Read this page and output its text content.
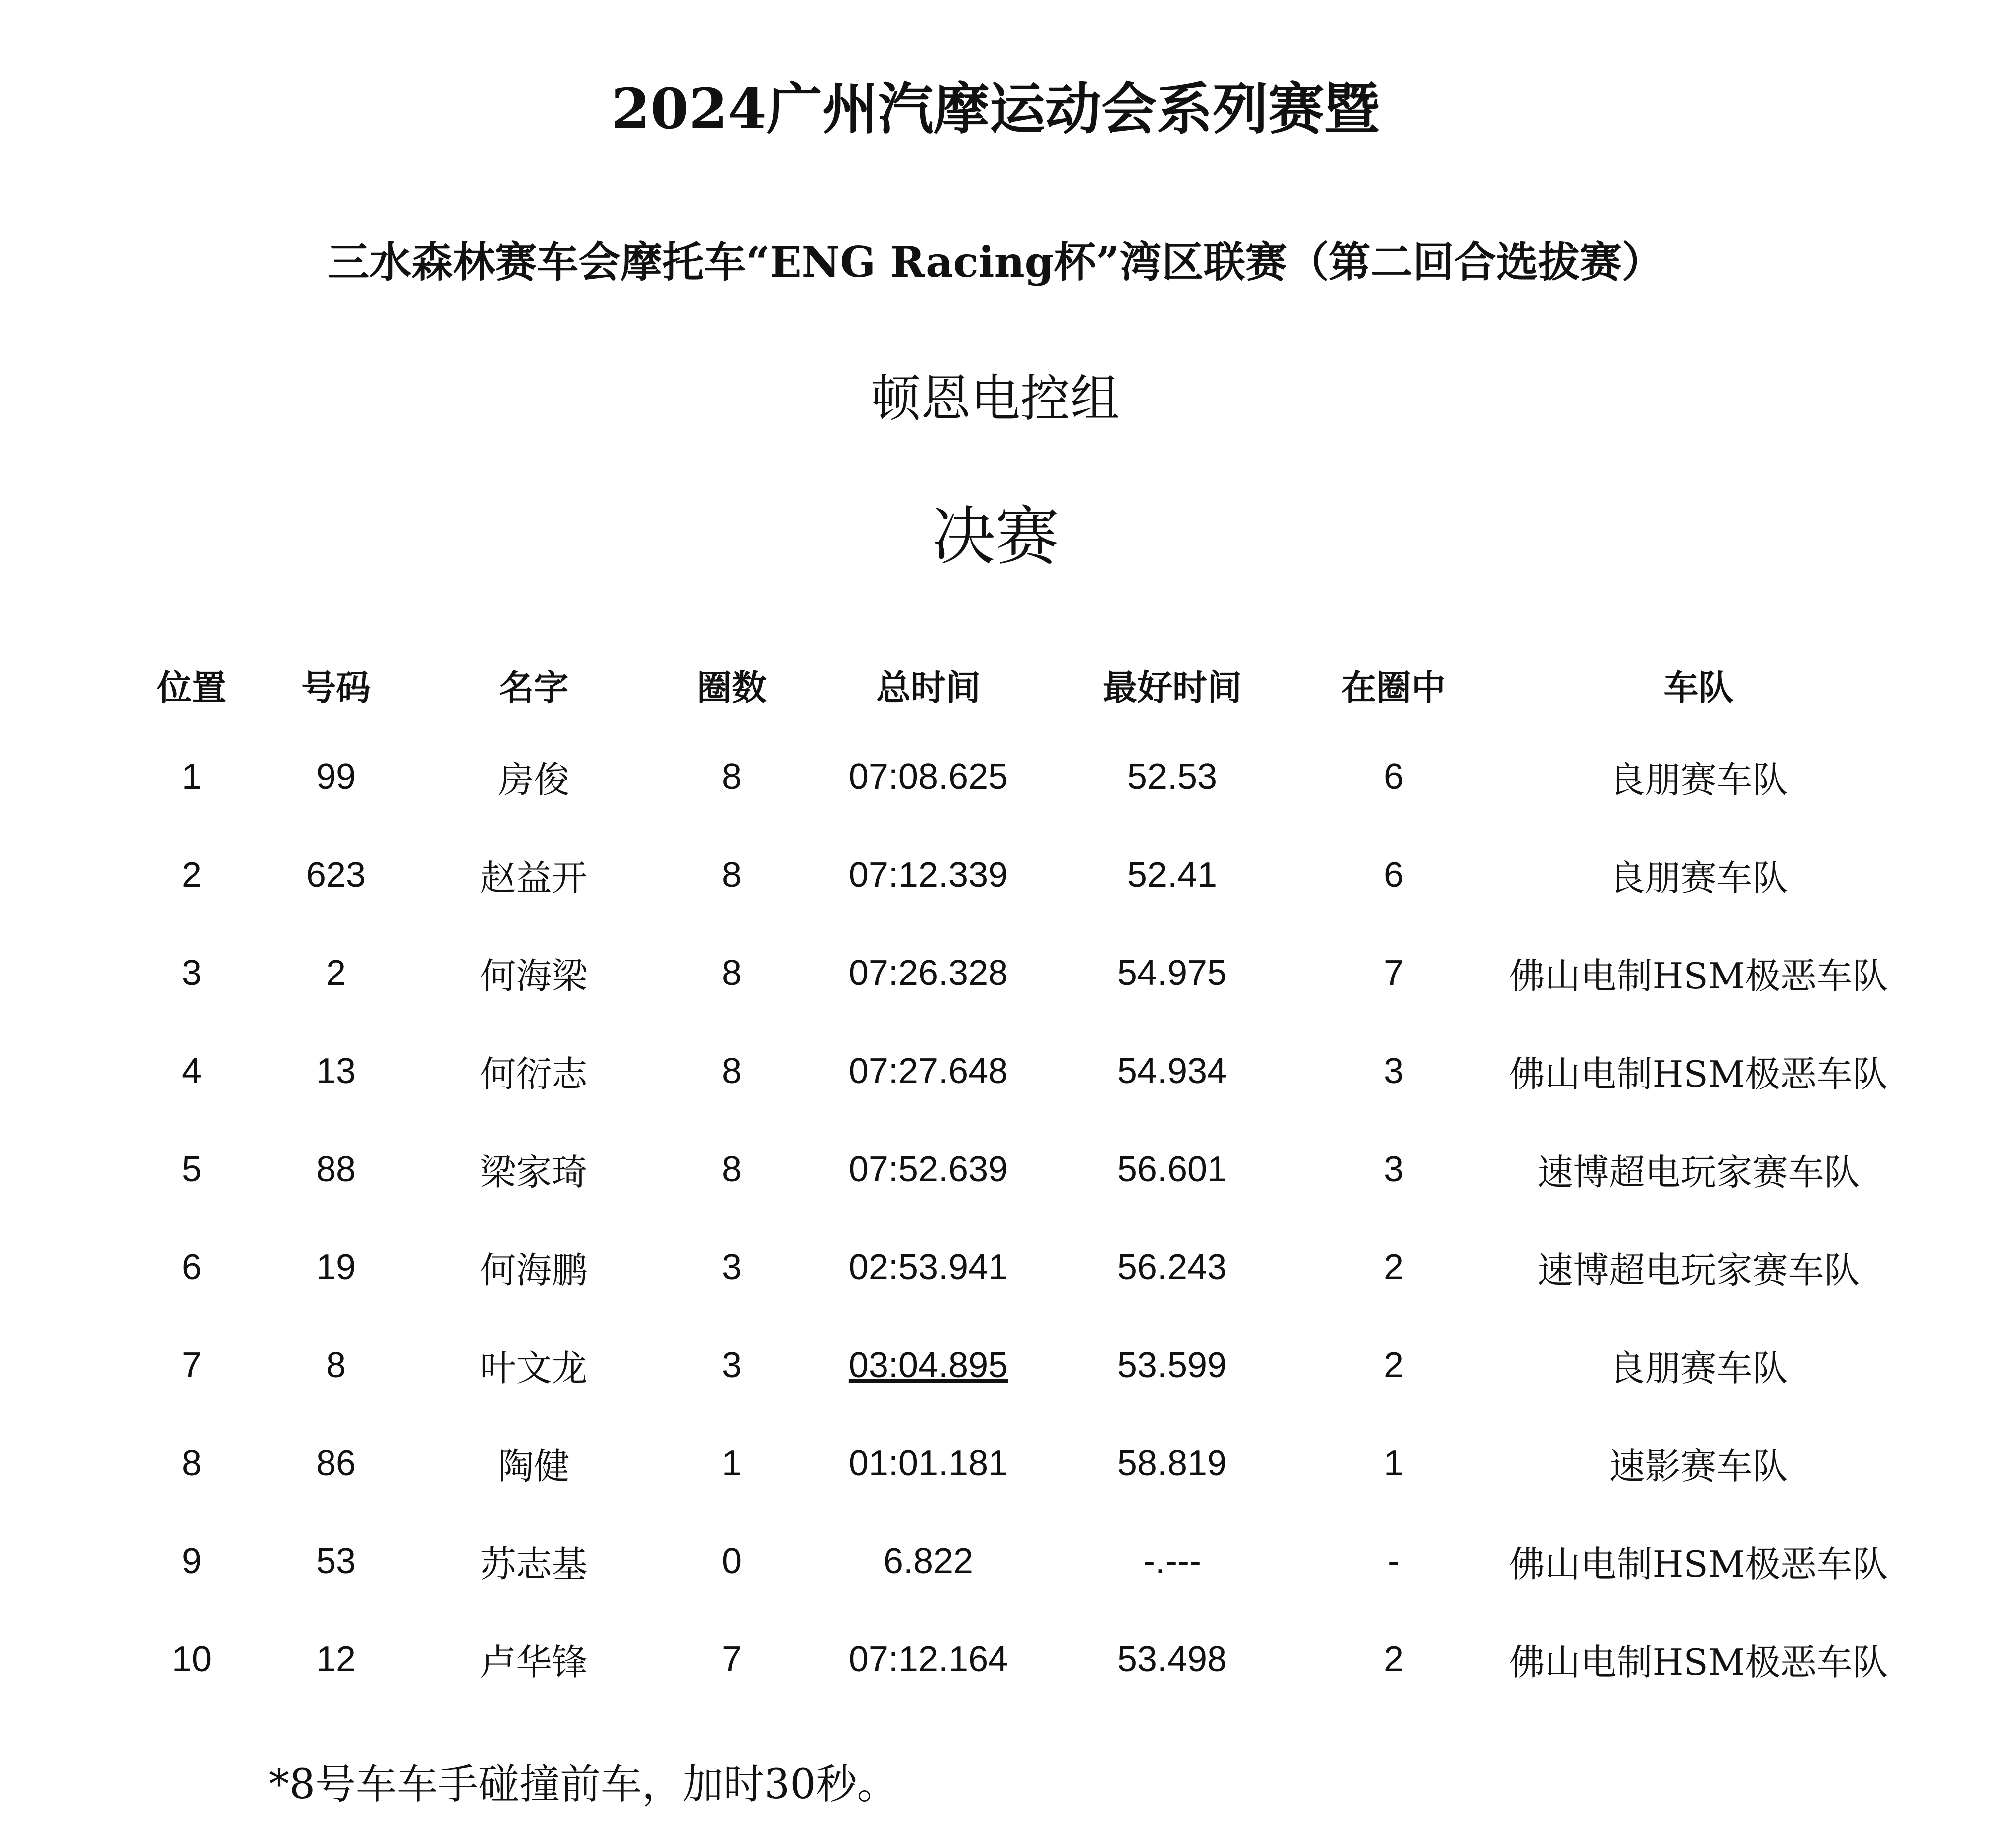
2024广州汽摩运动会系列赛暨
三水森林赛车会摩托车“ENG Racing杯”湾区联赛（第二回合选拔赛）
顿恩电控组
决赛
位置	号码	名字	圈数	总时间	最好时间	在圈中	车队
1	99	房俊	8	07:08.625	52.53	6	良朋赛车队
2	623	赵益开	8	07:12.339	52.41	6	良朋赛车队
3	2	何海梁	8	07:26.328	54.975	7	佛山电制HSM极恶车队
4	13	何衍志	8	07:27.648	54.934	3	佛山电制HSM极恶车队
5	88	梁家琦	8	07:52.639	56.601	3	速博超电玩家赛车队
6	19	何海鹏	3	02:53.941	56.243	2	速博超电玩家赛车队
7	8	叶文龙	3	03:04.895	53.599	2	良朋赛车队
8	86	陶健	1	01:01.181	58.819	1	速影赛车队
9	53	苏志基	0	6.822	-.---	-	佛山电制HSM极恶车队
10	12	卢华锋	7	07:12.164	53.498	2	佛山电制HSM极恶车队
*8号车车手碰撞前车，加时30秒。
